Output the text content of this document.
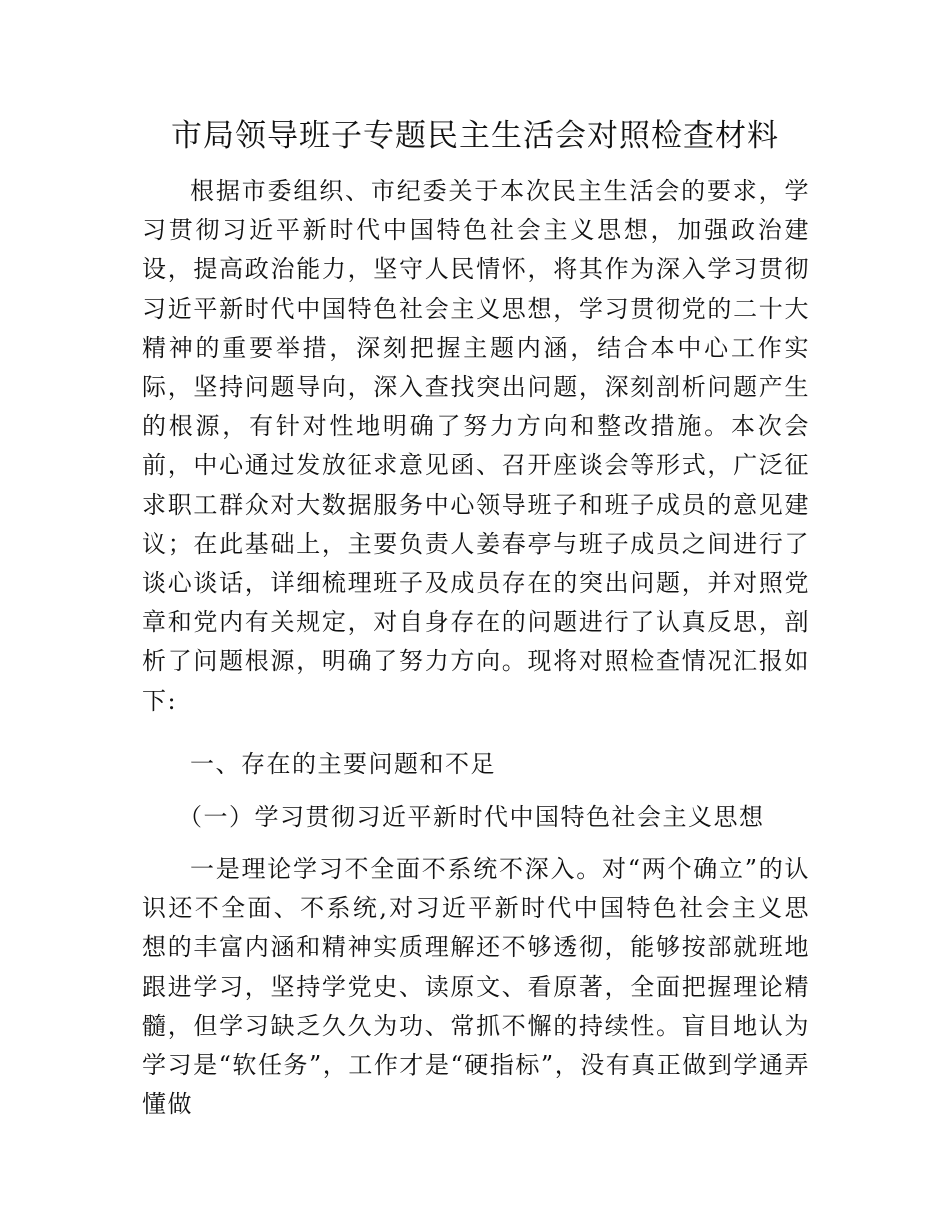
市局领导班子专题民主生活会对照检查材料

根据市委组织、市纪委关于本次民主生活会的要求，学习贯彻习近平新时代中国特色社会主义思想，加强政治建设，提高政治能力，坚守人民情怀，将其作为深入学习贯彻习近平新时代中国特色社会主义思想，学习贯彻党的二十大精神的重要举措，深刻把握主题内涵，结合本中心工作实际，坚持问题导向，深入查找突出问题，深刻剖析问题产生的根源，有针对性地明确了努力方向和整改措施。本次会前，中心通过发放征求意见函、召开座谈会等形式，广泛征求职工群众对大数据服务中心领导班子和班子成员的意见建议；在此基础上，主要负责人姜春亭与班子成员之间进行了谈心谈话，详细梳理班子及成员存在的突出问题，并对照党章和党内有关规定，对自身存在的问题进行了认真反思，剖析了问题根源，明确了努力方向。现将对照检查情况汇报如下:

一、存在的主要问题和不足

（一）学习贯彻习近平新时代中国特色社会主义思想

一是理论学习不全面不系统不深入。对“两个确立”的认识还不全面、不系统,对习近平新时代中国特色社会主义思想的丰富内涵和精神实质理解还不够透彻，能够按部就班地跟进学习，坚持学党史、读原文、看原著，全面把握理论精髓，但学习缺乏久久为功、常抓不懈的持续性。盲目地认为学习是“软任务”，工作才是“硬指标”，没有真正做到学通弄懂做
